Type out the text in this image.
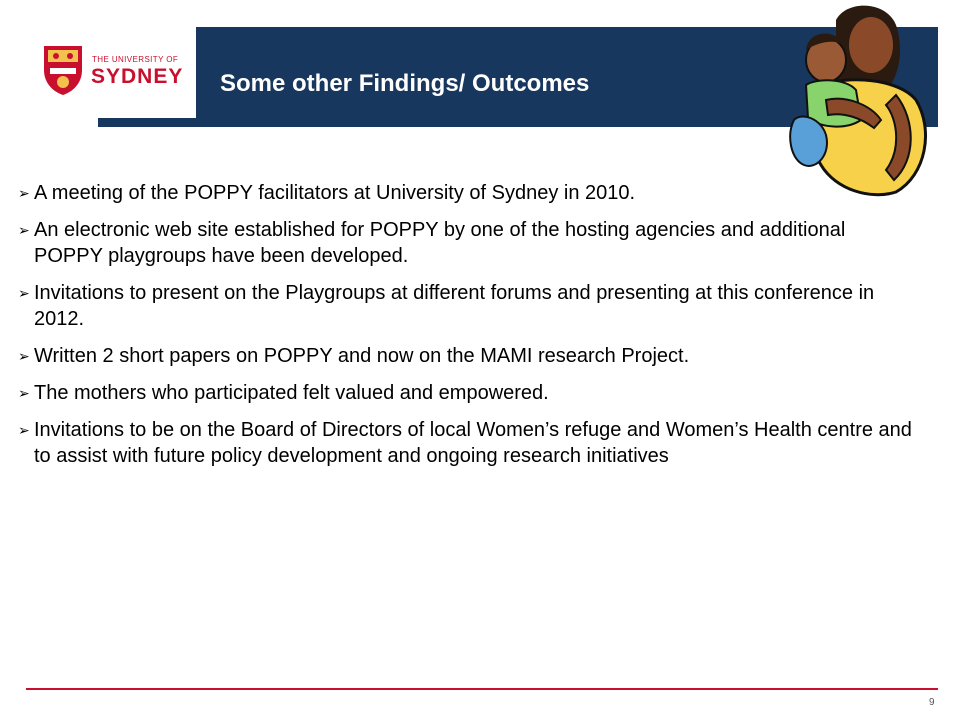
THE UNIVERSITY OF
SYDNEY Some other Findings/ Outcomes
➢ A meeting of the POPPY facilitators at University of Sydney in 2010.
➢ An electronic web site established for POPPY by one of the hosting agencies and additional POPPY playgroups have been developed.
➢ Invitations to present on the Playgroups at different forums and presenting at this conference in 2012.
➢ Written 2 short papers on POPPY and now on the MAMI research Project.
➢ The mothers who participated felt valued and empowered.
➢ Invitations to be on the Board of Directors of local Women’s refuge and Women’s Health centre and to assist with future policy development and ongoing research initiatives
9
